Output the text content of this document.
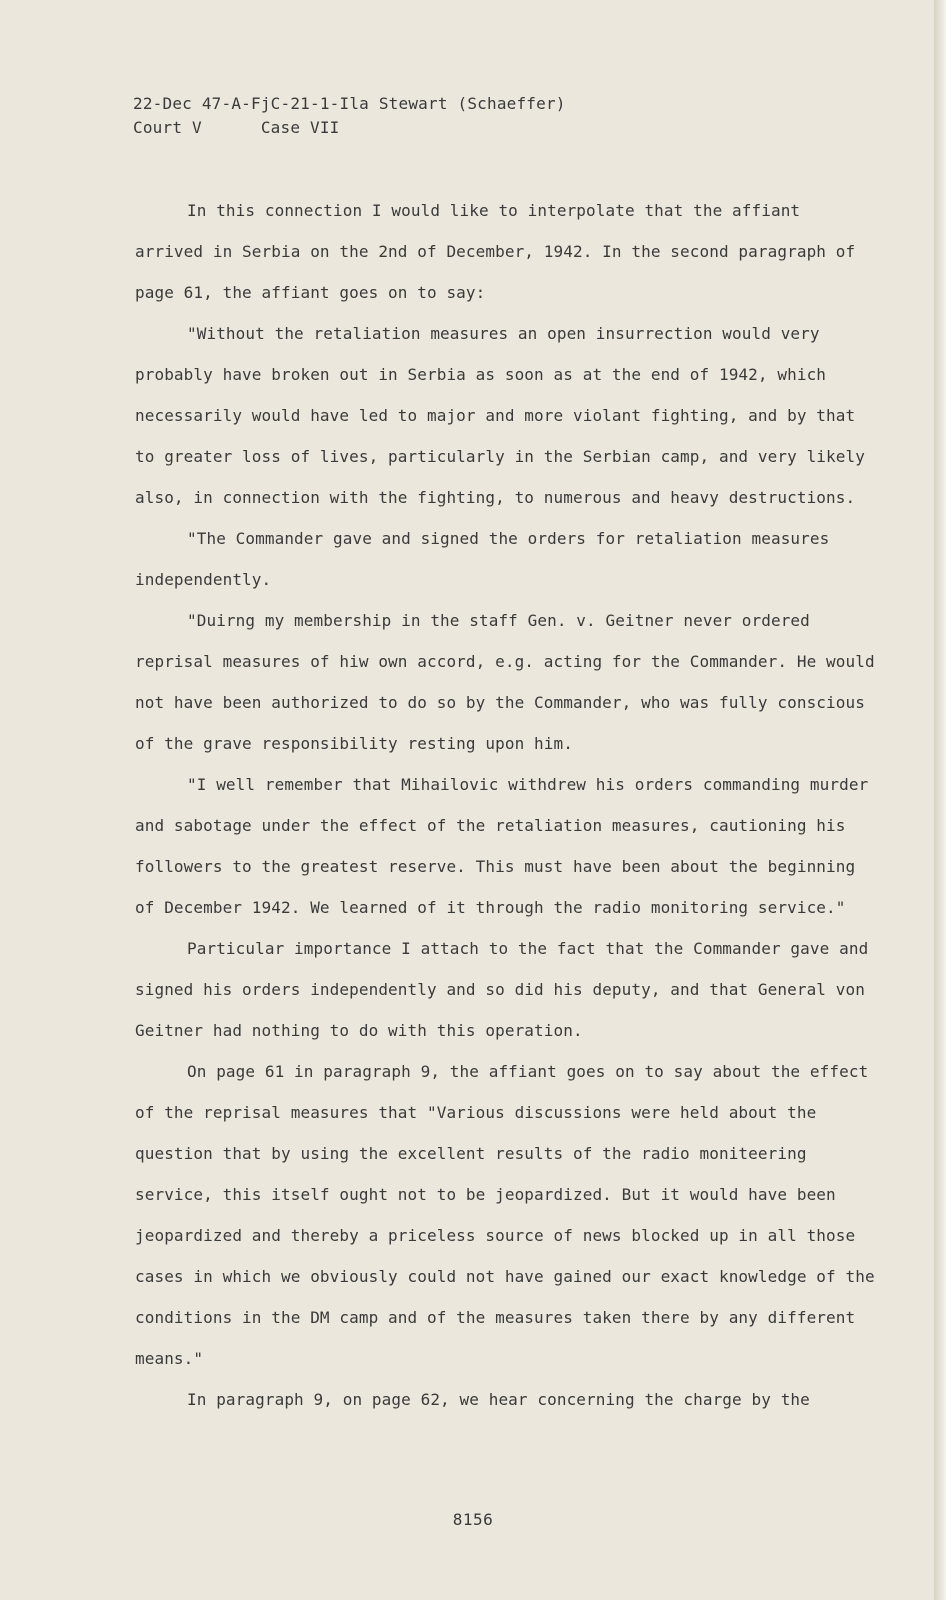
22-Dec 47-A-FjC-21-1-Ila Stewart (Schaeffer)
Court V	Case VII

In this connection I would like to interpolate that the affiant arrived in Serbia on the 2nd of December, 1942. In the second paragraph of page 61, the affiant goes on to say:

"Without the retaliation measures an open insurrection would very probably have broken out in Serbia as soon as at the end of 1942, which necessarily would have led to major and more violant fighting, and by that to greater loss of lives, particularly in the Serbian camp, and very likely also, in connection with the fighting, to numerous and heavy destructions.

"The Commander gave and signed the orders for retaliation measures independently.

"Duirng my membership in the staff Gen. v. Geitner never ordered reprisal measures of hiw own accord, e.g. acting for the Commander. He would not have been authorized to do so by the Commander, who was fully conscious of the grave responsibility resting upon him.

"I well remember that Mihailovic withdrew his orders commanding murder and sabotage under the effect of the retaliation measures, cautioning his followers to the greatest reserve. This must have been about the beginning of December 1942. We learned of it through the radio monitoring service."

Particular importance I attach to the fact that the Commander gave and signed his orders independently and so did his deputy, and that General von Geitner had nothing to do with this operation.

On page 61 in paragraph 9, the affiant goes on to say about the effect of the reprisal measures that "Various discussions were held about the question that by using the excellent results of the radio moniteering service, this itself ought not to be jeopardized. But it would have been jeopardized and thereby a priceless source of news blocked up in all those cases in which we obviously could not have gained our exact knowledge of the conditions in the DM camp and of the measures taken there by any different means."

In paragraph 9, on page 62, we hear concerning the charge by the

8156
